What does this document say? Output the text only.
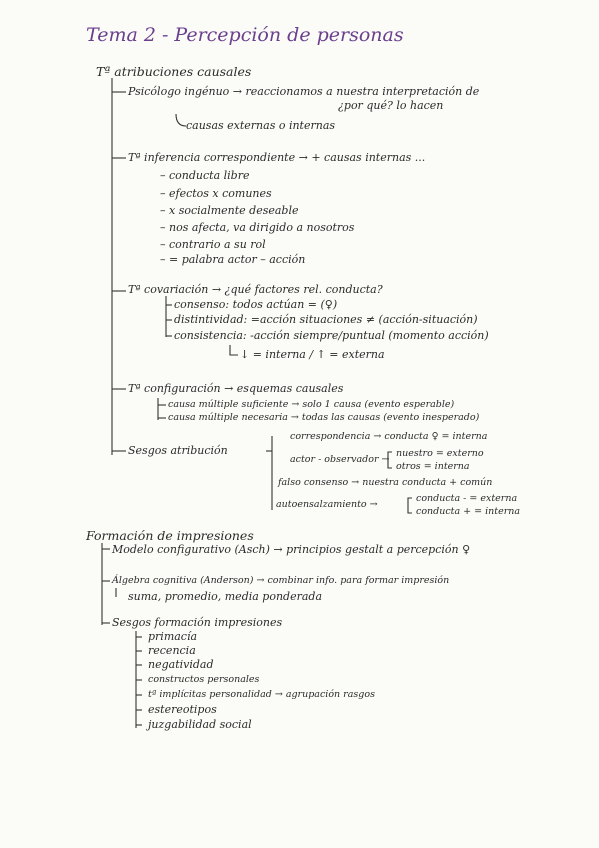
Tema 2 - Percepción de personas
Tª atribuciones causales
Psicólogo ingénuo → reaccionamos a nuestra interpretación de
¿por qué? lo hacen
causas externas o internas
Tª inferencia correspondiente → + causas internas ...
– conducta libre
– efectos x comunes
– x socialmente deseable
– nos afecta, va dirigido a nosotros
– contrario a su rol
– = palabra actor – acción
Tª covariación → ¿qué factores rel. conducta?
consenso: todos actúan = (♀)
distintividad: =acción situaciones ≠ (acción-situación)
consistencia: -acción siempre/puntual (momento acción)
↓ = interna / ↑ = externa
Tª configuración → esquemas causales
causa múltiple suficiente → solo 1 causa (evento esperable)
causa múltiple necesaria → todas las causas (evento inesperado)
Sesgos atribución
correspondencia → conducta ♀ = interna
actor - observador →
nuestro = externo
otros = interna
falso consenso → nuestra conducta + común
autoensalzamiento →
conducta - = externa
conducta + = interna
Formación de impresiones
Modelo configurativo (Asch) → principios gestalt a percepción ♀
Álgebra cognitiva (Anderson) → combinar info. para formar impresión
suma, promedio, media ponderada
Sesgos formación impresiones
primacía
recencia
negatividad
constructos personales
tª implícitas personalidad → agrupación rasgos
estereotipos
juzgabilidad social
